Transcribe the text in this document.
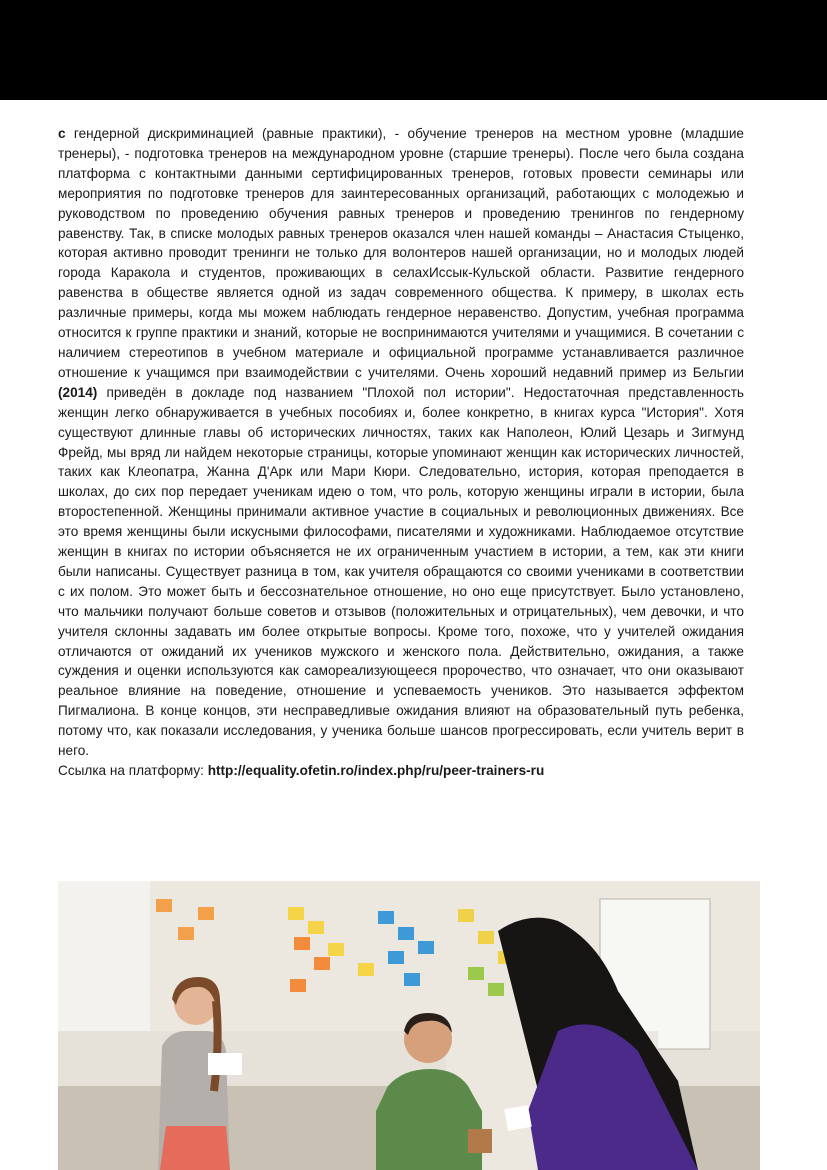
с гендерной дискриминацией (равные практики), - обучение тренеров на местном уровне (младшие тренеры), - подготовка тренеров на международном уровне (старшие тренеры). После чего была создана платформа с контактными данными сертифицированных тренеров, готовых провести семинары или мероприятия по подготовке тренеров для заинтересованных организаций, работающих с молодежью и руководством по проведению обучения равных тренеров и проведению тренингов по гендерному равенству. Так, в списке молодых равных тренеров оказался член нашей команды – Анастасия Стыценко, которая активно проводит тренинги не только для волонтеров нашей организации, но и молодых людей города Каракола и студентов, проживающих в селахИссык-Кульской области. Развитие гендерного равенства в обществе является одной из задач современного общества. К примеру, в школах есть различные примеры, когда мы можем наблюдать гендерное неравенство. Допустим, учебная программа относится к группе практики и знаний, которые не воспринимаются учителями и учащимися. В сочетании с наличием стереотипов в учебном материале и официальной программе устанавливается различное отношение к учащимся при взаимодействии с учителями. Очень хороший недавний пример из Бельгии (2014) приведён в докладе под названием "Плохой пол истории". Недостаточная представленность женщин легко обнаруживается в учебных пособиях и, более конкретно, в книгах курса "История". Хотя существуют длинные главы об исторических личностях, таких как Наполеон, Юлий Цезарь и Зигмунд Фрейд, мы вряд ли найдем некоторые страницы, которые упоминают женщин как исторических личностей, таких как Клеопатра, Жанна Д'Арк или Мари Кюри. Следовательно, история, которая преподается в школах, до сих пор передает ученикам идею о том, что роль, которую женщины играли в истории, была второстепенной. Женщины принимали активное участие в социальных и революционных движениях. Все это время женщины были искусными философами, писателями и художниками. Наблюдаемое отсутствие женщин в книгах по истории объясняется не их ограниченным участием в истории, а тем, как эти книги были написаны. Существует разница в том, как учителя обращаются со своими учениками в соответствии с их полом. Это может быть и бессознательное отношение, но оно еще присутствует. Было установлено, что мальчики получают больше советов и отзывов (положительных и отрицательных), чем девочки, и что учителя склонны задавать им более открытые вопросы. Кроме того, похоже, что у учителей ожидания отличаются от ожиданий их учеников мужского и женского пола. Действительно, ожидания, а также суждения и оценки используются как самореализующееся пророчество, что означает, что они оказывают реальное влияние на поведение, отношение и успеваемость учеников. Это называется эффектом Пигмалиона. В конце концов, эти несправедливые ожидания влияют на образовательный путь ребенка, потому что, как показали исследования, у ученика больше шансов прогрессировать, если учитель верит в него.

Ссылка на платформу: http://equality.ofetin.ro/index.php/ru/peer-trainers-ru
